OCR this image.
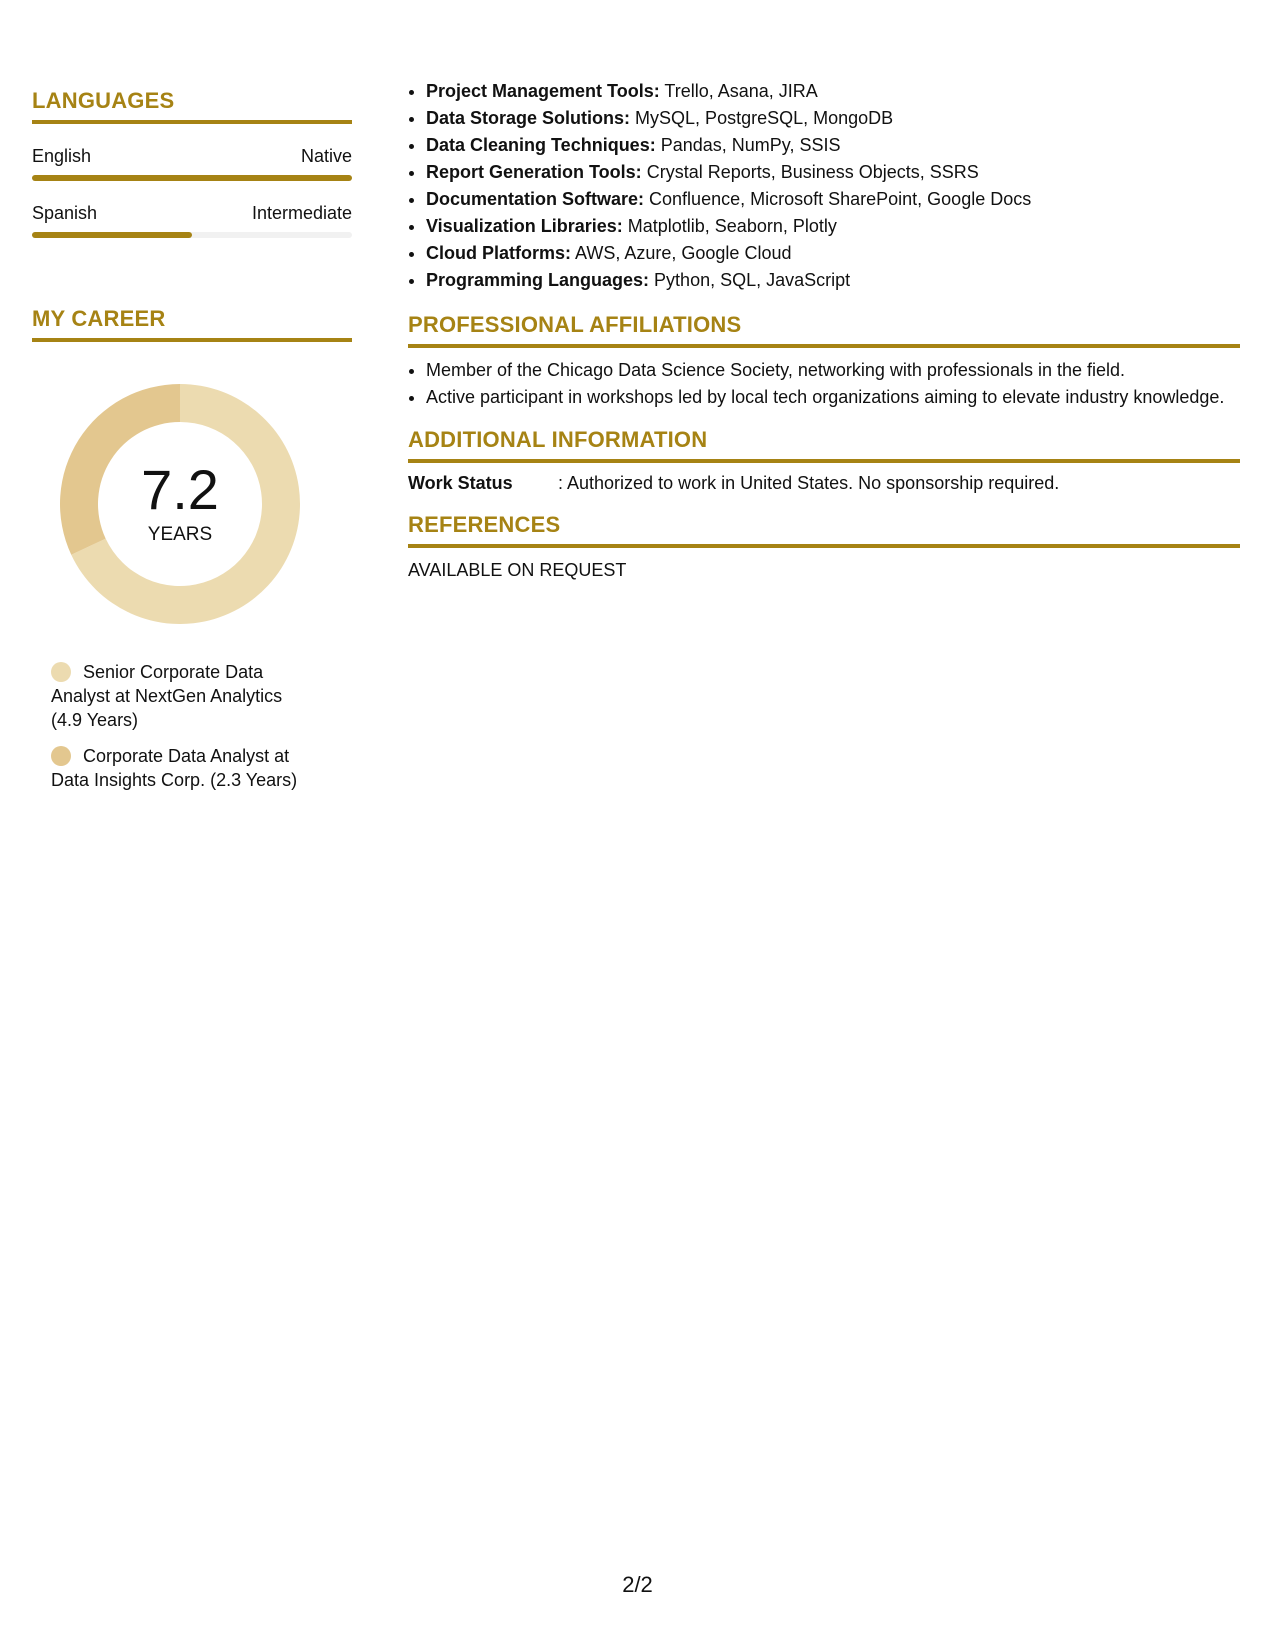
LANGUAGES
English	Native
Spanish	Intermediate
MY CAREER
7.2
YEARS
Senior Corporate Data Analyst at NextGen Analytics (4.9 Years)
Corporate Data Analyst at Data Insights Corp. (2.3 Years)
• Project Management Tools: Trello, Asana, JIRA
• Data Storage Solutions: MySQL, PostgreSQL, MongoDB
• Data Cleaning Techniques: Pandas, NumPy, SSIS
• Report Generation Tools: Crystal Reports, Business Objects, SSRS
• Documentation Software: Confluence, Microsoft SharePoint, Google Docs
• Visualization Libraries: Matplotlib, Seaborn, Plotly
• Cloud Platforms: AWS, Azure, Google Cloud
• Programming Languages: Python, SQL, JavaScript
PROFESSIONAL AFFILIATIONS
• Member of the Chicago Data Science Society, networking with professionals in the field.
• Active participant in workshops led by local tech organizations aiming to elevate industry knowledge.
ADDITIONAL INFORMATION
Work Status	: Authorized to work in United States. No sponsorship required.
REFERENCES
AVAILABLE ON REQUEST
2/2
